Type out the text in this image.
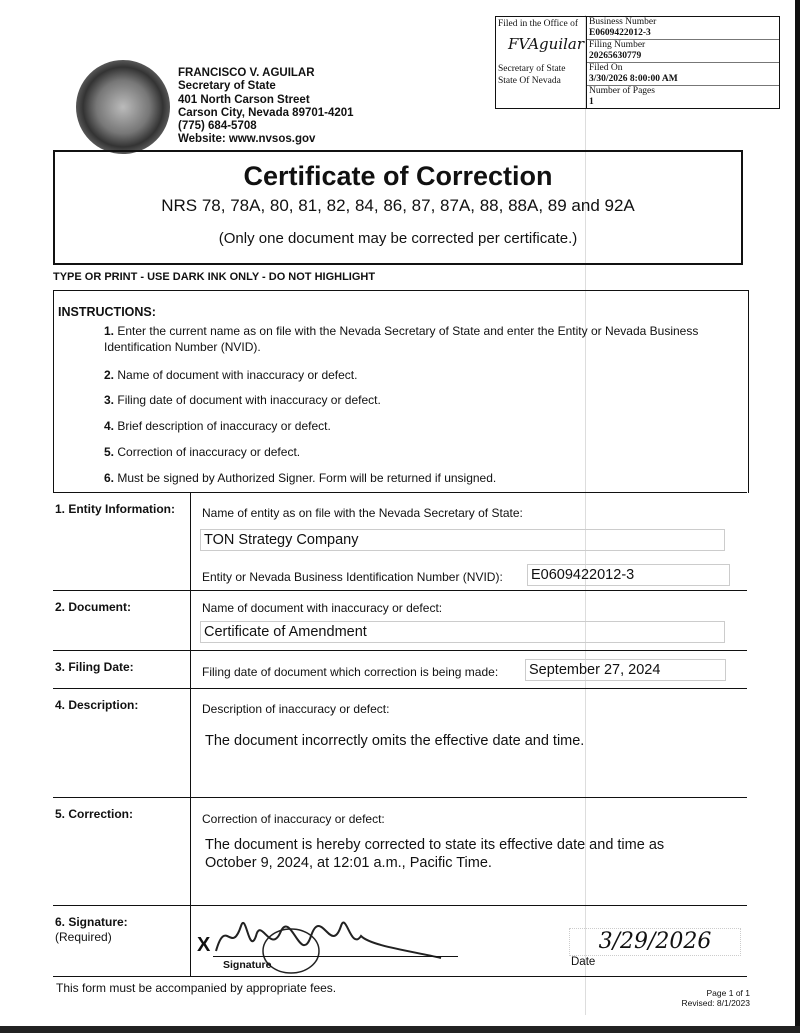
Filed in the Office of
FVAguilar
Secretary of State
State Of Nevada
Business Number
E0609422012-3
Filing Number
20265630779
Filed On
3/30/2026 8:00:00 AM
Number of Pages
1
FRANCISCO V. AGUILAR
Secretary of State
401 North Carson Street
Carson City, Nevada 89701-4201
(775) 684-5708
Website: www.nvsos.gov
Certificate of Correction
NRS 78, 78A, 80, 81, 82, 84, 86, 87, 87A, 88, 88A, 89 and 92A
(Only one document may be corrected per certificate.)
TYPE OR PRINT - USE DARK INK ONLY - DO NOT HIGHLIGHT
INSTRUCTIONS:
1. Enter the current name as on file with the Nevada Secretary of State and enter the Entity or Nevada Business Identification Number (NVID).
2. Name of document with inaccuracy or defect.
3. Filing date of document with inaccuracy or defect.
4. Brief description of inaccuracy or defect.
5. Correction of inaccuracy or defect.
6. Must be signed by Authorized Signer. Form will be returned if unsigned.
1. Entity Information: Name of entity as on file with the Nevada Secretary of State:
TON Strategy Company
Entity or Nevada Business Identification Number (NVID): E0609422012-3
2. Document:	Name of document with inaccuracy or defect:
Certificate of Amendment
3. Filing Date:	Filing date of document which correction is being made: September 27, 2024
4. Description:	Description of inaccuracy or defect:
The document incorrectly omits the effective date and time.
5. Correction:	Correction of inaccuracy or defect:
The document is hereby corrected to state its effective date and time as October 9, 2024, at 12:01 a.m., Pacific Time.
6. Signature:
(Required)	X
Signature	Date
3/29/2026
This form must be accompanied by appropriate fees.	Page 1 of 1
Revised: 8/1/2023
